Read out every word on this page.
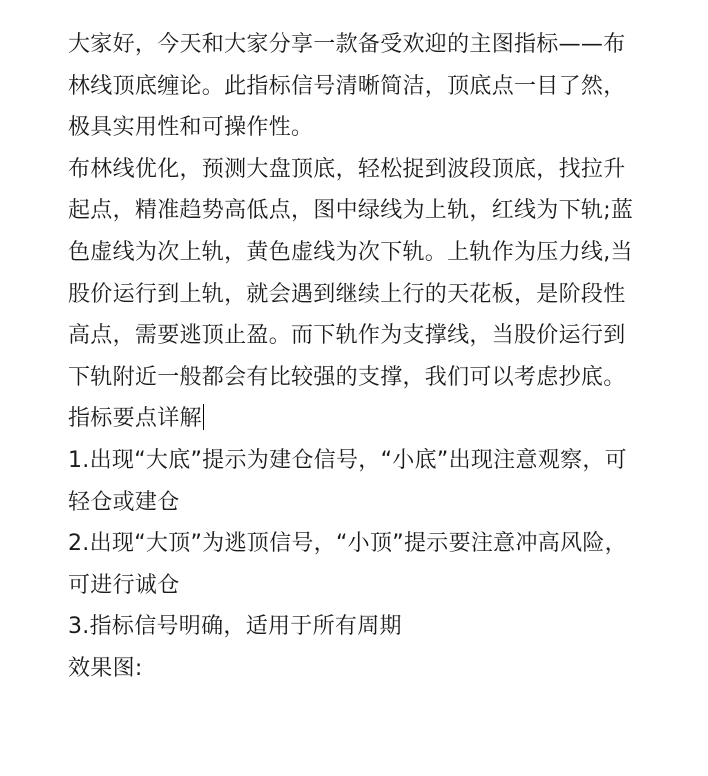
大家好，今天和大家分享一款备受欢迎的主图指标——布林线顶底缠论。此指标信号清晰简洁，顶底点一目了然，极具实用性和可操作性。

布林线优化，预测大盘顶底，轻松捉到波段顶底，找拉升起点，精准趋势高低点，图中绿线为上轨，红线为下轨;蓝色虚线为次上轨，黄色虚线为次下轨。上轨作为压力线,当股价运行到上轨，就会遇到继续上行的天花板，是阶段性高点，需要逃顶止盈。而下轨作为支撑线，当股价运行到下轨附近一般都会有比较强的支撑，我们可以考虑抄底。

指标要点详解

1.出现“大底”提示为建仓信号，“小底”出现注意观察，可轻仓或建仓

2.出现“大顶”为逃顶信号，“小顶”提示要注意冲高风险，可进行诚仓

3.指标信号明确，适用于所有周期

效果图:
